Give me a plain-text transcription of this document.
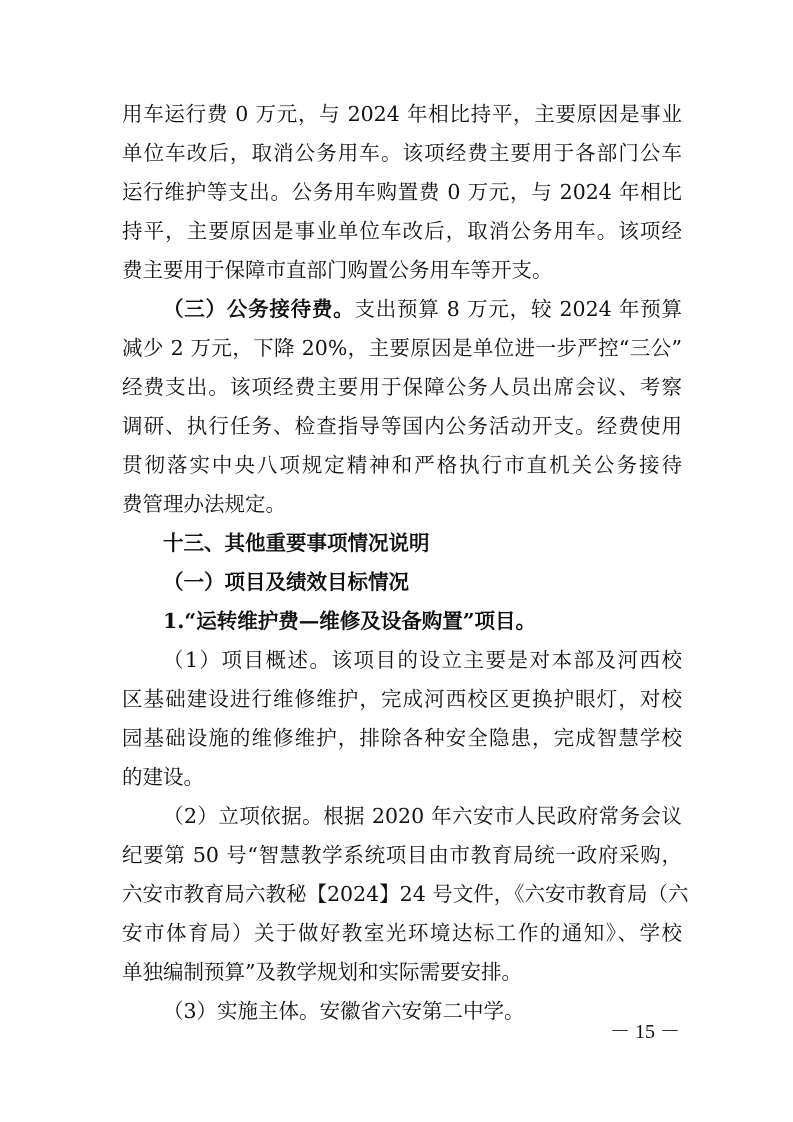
用车运行费 0 万元，与 2024 年相比持平，主要原因是事业
单位车改后，取消公务用车。该项经费主要用于各部门公车
运行维护等支出。公务用车购置费 0 万元，与 2024 年相比
持平，主要原因是事业单位车改后，取消公务用车。该项经
费主要用于保障市直部门购置公务用车等开支。
（三）公务接待费。支出预算 8 万元，较 2024 年预算
减少 2 万元，下降 20%，主要原因是单位进一步严控“三公”
经费支出。该项经费主要用于保障公务人员出席会议、考察
调研、执行任务、检查指导等国内公务活动开支。经费使用
贯彻落实中央八项规定精神和严格执行市直机关公务接待
费管理办法规定。
十三、其他重要事项情况说明
（一）项目及绩效目标情况
1.“运转维护费—维修及设备购置”项目。
（1）项目概述。该项目的设立主要是对本部及河西校
区基础建设进行维修维护，完成河西校区更换护眼灯，对校
园基础设施的维修维护，排除各种安全隐患，完成智慧学校
的建设。
（2）立项依据。根据 2020 年六安市人民政府常务会议
纪要第 50 号“智慧教学系统项目由市教育局统一政府采购，
六安市教育局六教秘【2024】24 号文件，《六安市教育局（六
安市体育局）关于做好教室光环境达标工作的通知》、学校
－ 15 －
单独编制预算”及教学规划和实际需要安排。
（3）实施主体。安徽省六安第二中学。
